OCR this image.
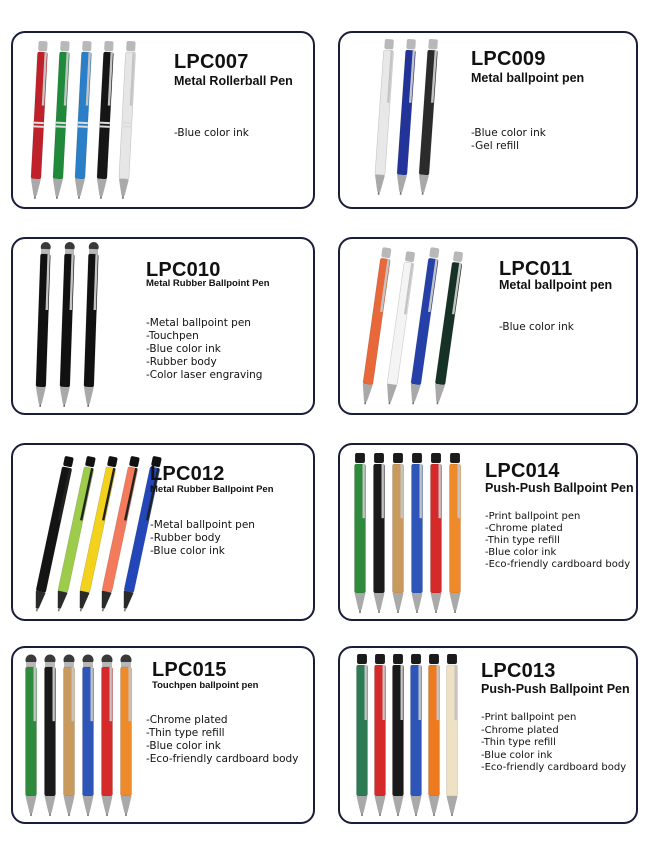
LPC007
Metal Rollerball Pen
-Blue color ink
LPC009
Metal ballpoint pen
-Blue color ink
-Gel refill
LPC010
Metal Rubber Ballpoint Pen
-Metal ballpoint pen
-Touchpen
-Blue color ink
-Rubber body
-Color laser engraving
LPC011
Metal ballpoint pen
-Blue color ink
LPC012
Metal Rubber Ballpoint Pen
-Metal ballpoint pen
-Rubber body
-Blue color ink
LPC014
Push-Push Ballpoint Pen
-Print ballpoint pen
-Chrome plated
-Thin type refill
-Blue color ink
-Eco-friendly cardboard body
LPC015
Touchpen ballpoint pen
-Chrome plated
-Thin type refill
-Blue color ink
-Eco-friendly cardboard body
LPC013
Push-Push Ballpoint Pen
-Print ballpoint pen
-Chrome plated
-Thin type refill
-Blue color ink
-Eco-friendly cardboard body
